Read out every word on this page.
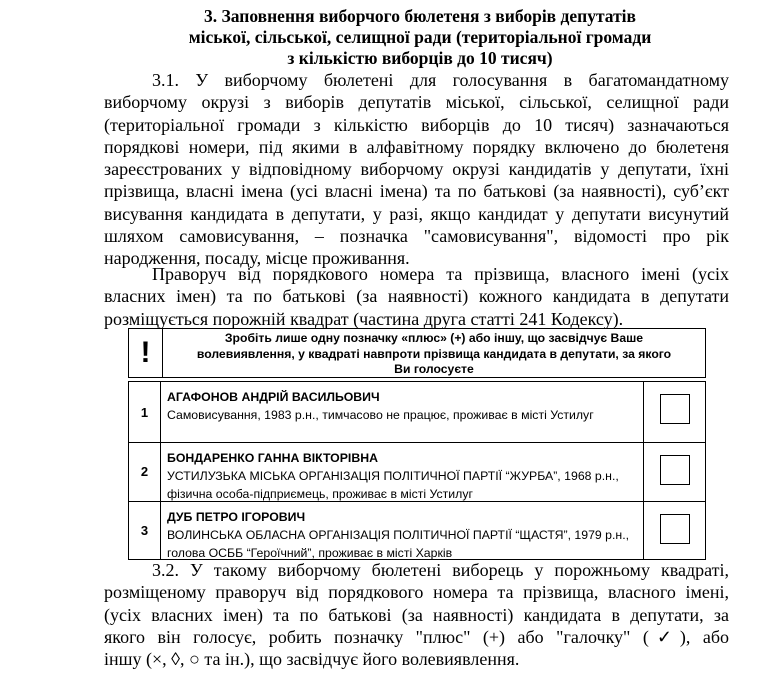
3. Заповнення виборчого бюлетеня з виборів депутатів
міської, сільської, селищної ради (територіальної громади
з кількістю виборців до 10 тисяч)
3.1. У виборчому бюлетені для голосування в багатомандатному
виборчому окрузі з виборів депутатів міської, сільської, селищної ради
(територіальної громади з кількістю виборців до 10 тисяч) зазначаються
порядкові номери, під якими в алфавітному порядку включено до бюлетеня
зареєстрованих у відповідному виборчому окрузі кандидатів у депутати, їхні
прізвища, власні імена (усі власні імена) та по батькові (за наявності), суб’єкт
висування кандидата в депутати, у разі, якщо кандидат у депутати висунутий
шляхом самовисування, – позначка "самовисування", відомості про рік
народження, посаду, місце проживання.
Праворуч від порядкового номера та прізвища, власного імені (усіх
власних імен) та по батькові (за наявності) кожного кандидата в депутати
розміщується порожній квадрат (частина друга статті 241 Кодексу).
!	Зробіть лише одну позначку «плюс» (+) або іншу, що засвідчує Ваше
волевиявлення, у квадраті навпроти прізвища кандидата в депутати, за якого
Ви голосуєте
1
АГАФОНОВ АНДРІЙ ВАСИЛЬОВИЧ
Самовисування, 1983 р.н., тимчасово не працює, проживає в місті Устилуг
2
БОНДАРЕНКО ГАННА ВІКТОРІВНА
УСТИЛУЗЬКА МІСЬКА ОРГАНІЗАЦІЯ ПОЛІТИЧНОЇ ПАРТІЇ “ЖУРБА”, 1968 р.н.,
фізична особа-підприємець, проживає в місті Устилуг
3
ДУБ ПЕТРО ІГОРОВИЧ
ВОЛИНСЬКА ОБЛАСНА ОРГАНІЗАЦІЯ ПОЛІТИЧНОЇ ПАРТІЇ “ЩАСТЯ”, 1979 р.н.,
голова ОСББ “Героїчний”, проживає в місті Харків
3.2. У такому виборчому бюлетені виборець у порожньому квадраті,
розміщеному праворуч від порядкового номера та прізвища, власного імені,
(усіх власних імен) та по батькові (за наявності) кандидата в депутати, за
якого він голосує, робить позначку "плюс" (+) або "галочку" (✓), або
іншу (×, ◊, ○ та ін.), що засвідчує його волевиявлення.
